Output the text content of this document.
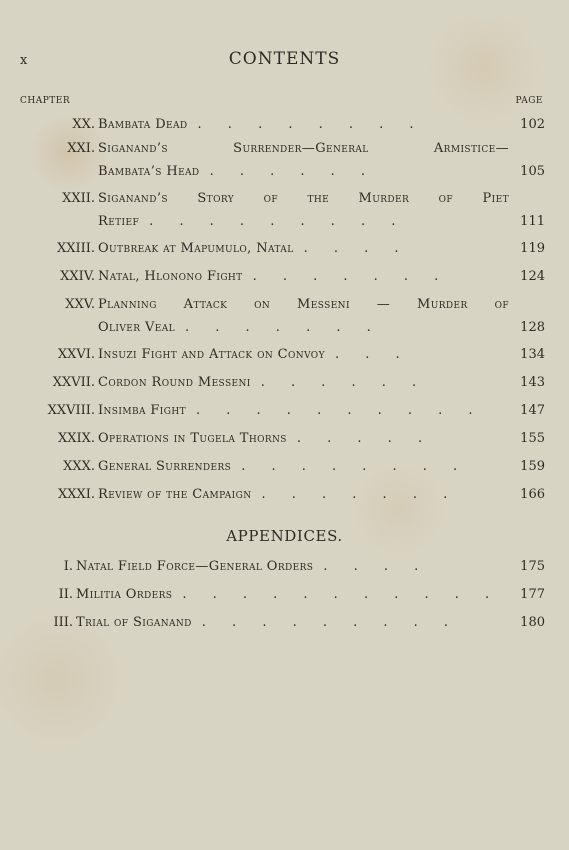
x	CONTENTS
CHAPTER	PAGE
XX. Bambata Dead . . . . . . . .	102
XXI. Siganand’s Surrender—General Armistice—
Bambata’s Head . . . . . .	105
XXII. Siganand’s Story of the Murder of Piet
Retief . . . . . . . . .	111
XXIII. Outbreak at Mapumulo, Natal . . . .	119
XXIV. Natal, Hlonono Fight . . . . . . .	124
XXV. Planning Attack on Messeni — Murder of
Oliver Veal . . . . . . .	128
XXVI. Insuzi Fight and Attack on Convoy . . .	134
XXVII. Cordon Round Messeni . . . . . .	143
XXVIII. Insimba Fight . . . . . . . . . .	147
XXIX. Operations in Tugela Thorns . . . . .	155
XXX. General Surrenders . . . . . . . .	159
XXXI. Review of the Campaign . . . . . . .	166
APPENDICES.
I. Natal Field Force—General Orders . . . .	175
II. Militia Orders . . . . . . . . . . .	177
III. Trial of Siganand . . . . . . . . .	180
